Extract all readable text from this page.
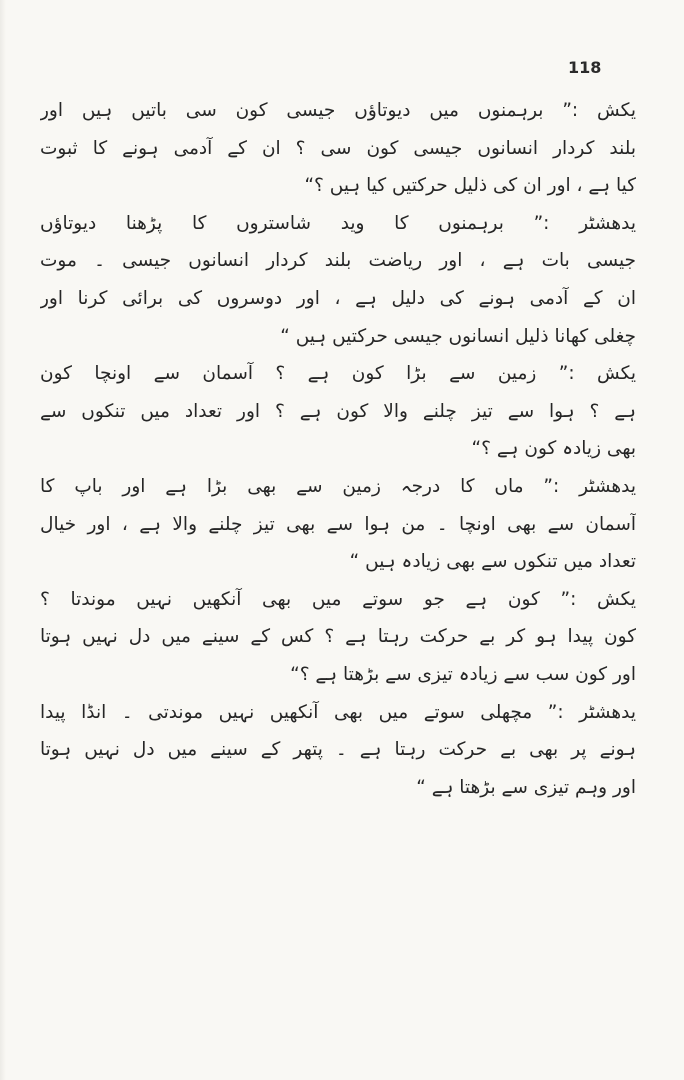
118
یکش :” برہمنوں میں دیوتاؤں جیسی کون سی باتیں ہیں اور
بلند کردار انسانوں جیسی کون سی ؟ ان کے آدمی ہونے کا ثبوت
کیا ہے ، اور ان کی ذلیل حرکتیں کیا ہیں ؟“
یدھشٹر :” برہمنوں کا وید شاستروں کا پڑھنا دیوتاؤں
جیسی بات ہے ، اور ریاضت بلند کردار انسانوں جیسی ۔ موت
ان کے آدمی ہونے کی دلیل ہے ، اور دوسروں کی برائی کرنا اور
چغلی کھانا ذلیل انسانوں جیسی حرکتیں ہیں “
یکش :” زمین سے بڑا کون ہے ؟ آسمان سے اونچا کون
ہے ؟ ہوا سے تیز چلنے والا کون ہے ؟ اور تعداد میں تنکوں سے
بھی زیادہ کون ہے ؟“
یدھشٹر :” ماں کا درجہ زمین سے بھی بڑا ہے اور باپ کا
آسمان سے بھی اونچا ۔ من ہوا سے بھی تیز چلنے والا ہے ، اور خیال
تعداد میں تنکوں سے بھی زیادہ ہیں “
یکش :” کون ہے جو سوتے میں بھی آنکھیں نہیں موندتا ؟
کون پیدا ہو کر بے حرکت رہتا ہے ؟ کس کے سینے میں دل نہیں ہوتا
اور کون سب سے زیادہ تیزی سے بڑھتا ہے ؟“
یدھشٹر :” مچھلی سوتے میں بھی آنکھیں نہیں موندتی ۔ انڈا پیدا
ہونے پر بھی بے حرکت رہتا ہے ۔ پتھر کے سینے میں دل نہیں ہوتا
اور وہم تیزی سے بڑھتا ہے “
